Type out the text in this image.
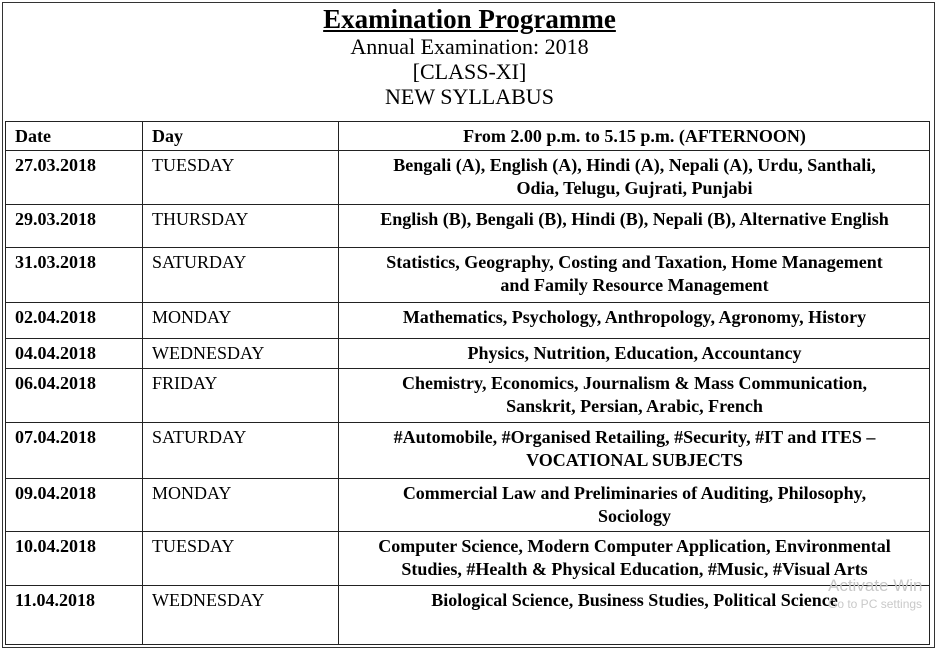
Examination Programme
Annual Examination: 2018
[CLASS-XI]
NEW SYLLABUS
Date	Day	From 2.00 p.m. to 5.15 p.m. (AFTERNOON)
27.03.2018	TUESDAY	Bengali (A), English (A), Hindi (A), Nepali (A), Urdu, Santhali,
Odia, Telugu, Gujrati, Punjabi

29.03.2018	THURSDAY	English (B), Bengali (B), Hindi (B), Nepali (B), Alternative English

31.03.2018	SATURDAY	Statistics, Geography, Costing and Taxation, Home Management
and Family Resource Management

02.04.2018	MONDAY	Mathematics, Psychology, Anthropology, Agronomy, History

04.04.2018	WEDNESDAY	Physics, Nutrition, Education, Accountancy

06.04.2018	FRIDAY	Chemistry, Economics, Journalism & Mass Communication,
Sanskrit, Persian, Arabic, French

07.04.2018	SATURDAY	#Automobile, #Organised Retailing, #Security, #IT and ITES –
VOCATIONAL SUBJECTS

09.04.2018	MONDAY	Commercial Law and Preliminaries of Auditing, Philosophy,
Sociology

10.04.2018	TUESDAY	Computer Science, Modern Computer Application, Environmental
Studies, #Health & Physical Education, #Music, #Visual Arts

11.04.2018	WEDNESDAY	Biological Science, Business Studies, Political Science
Activate Win
Go to PC settings
